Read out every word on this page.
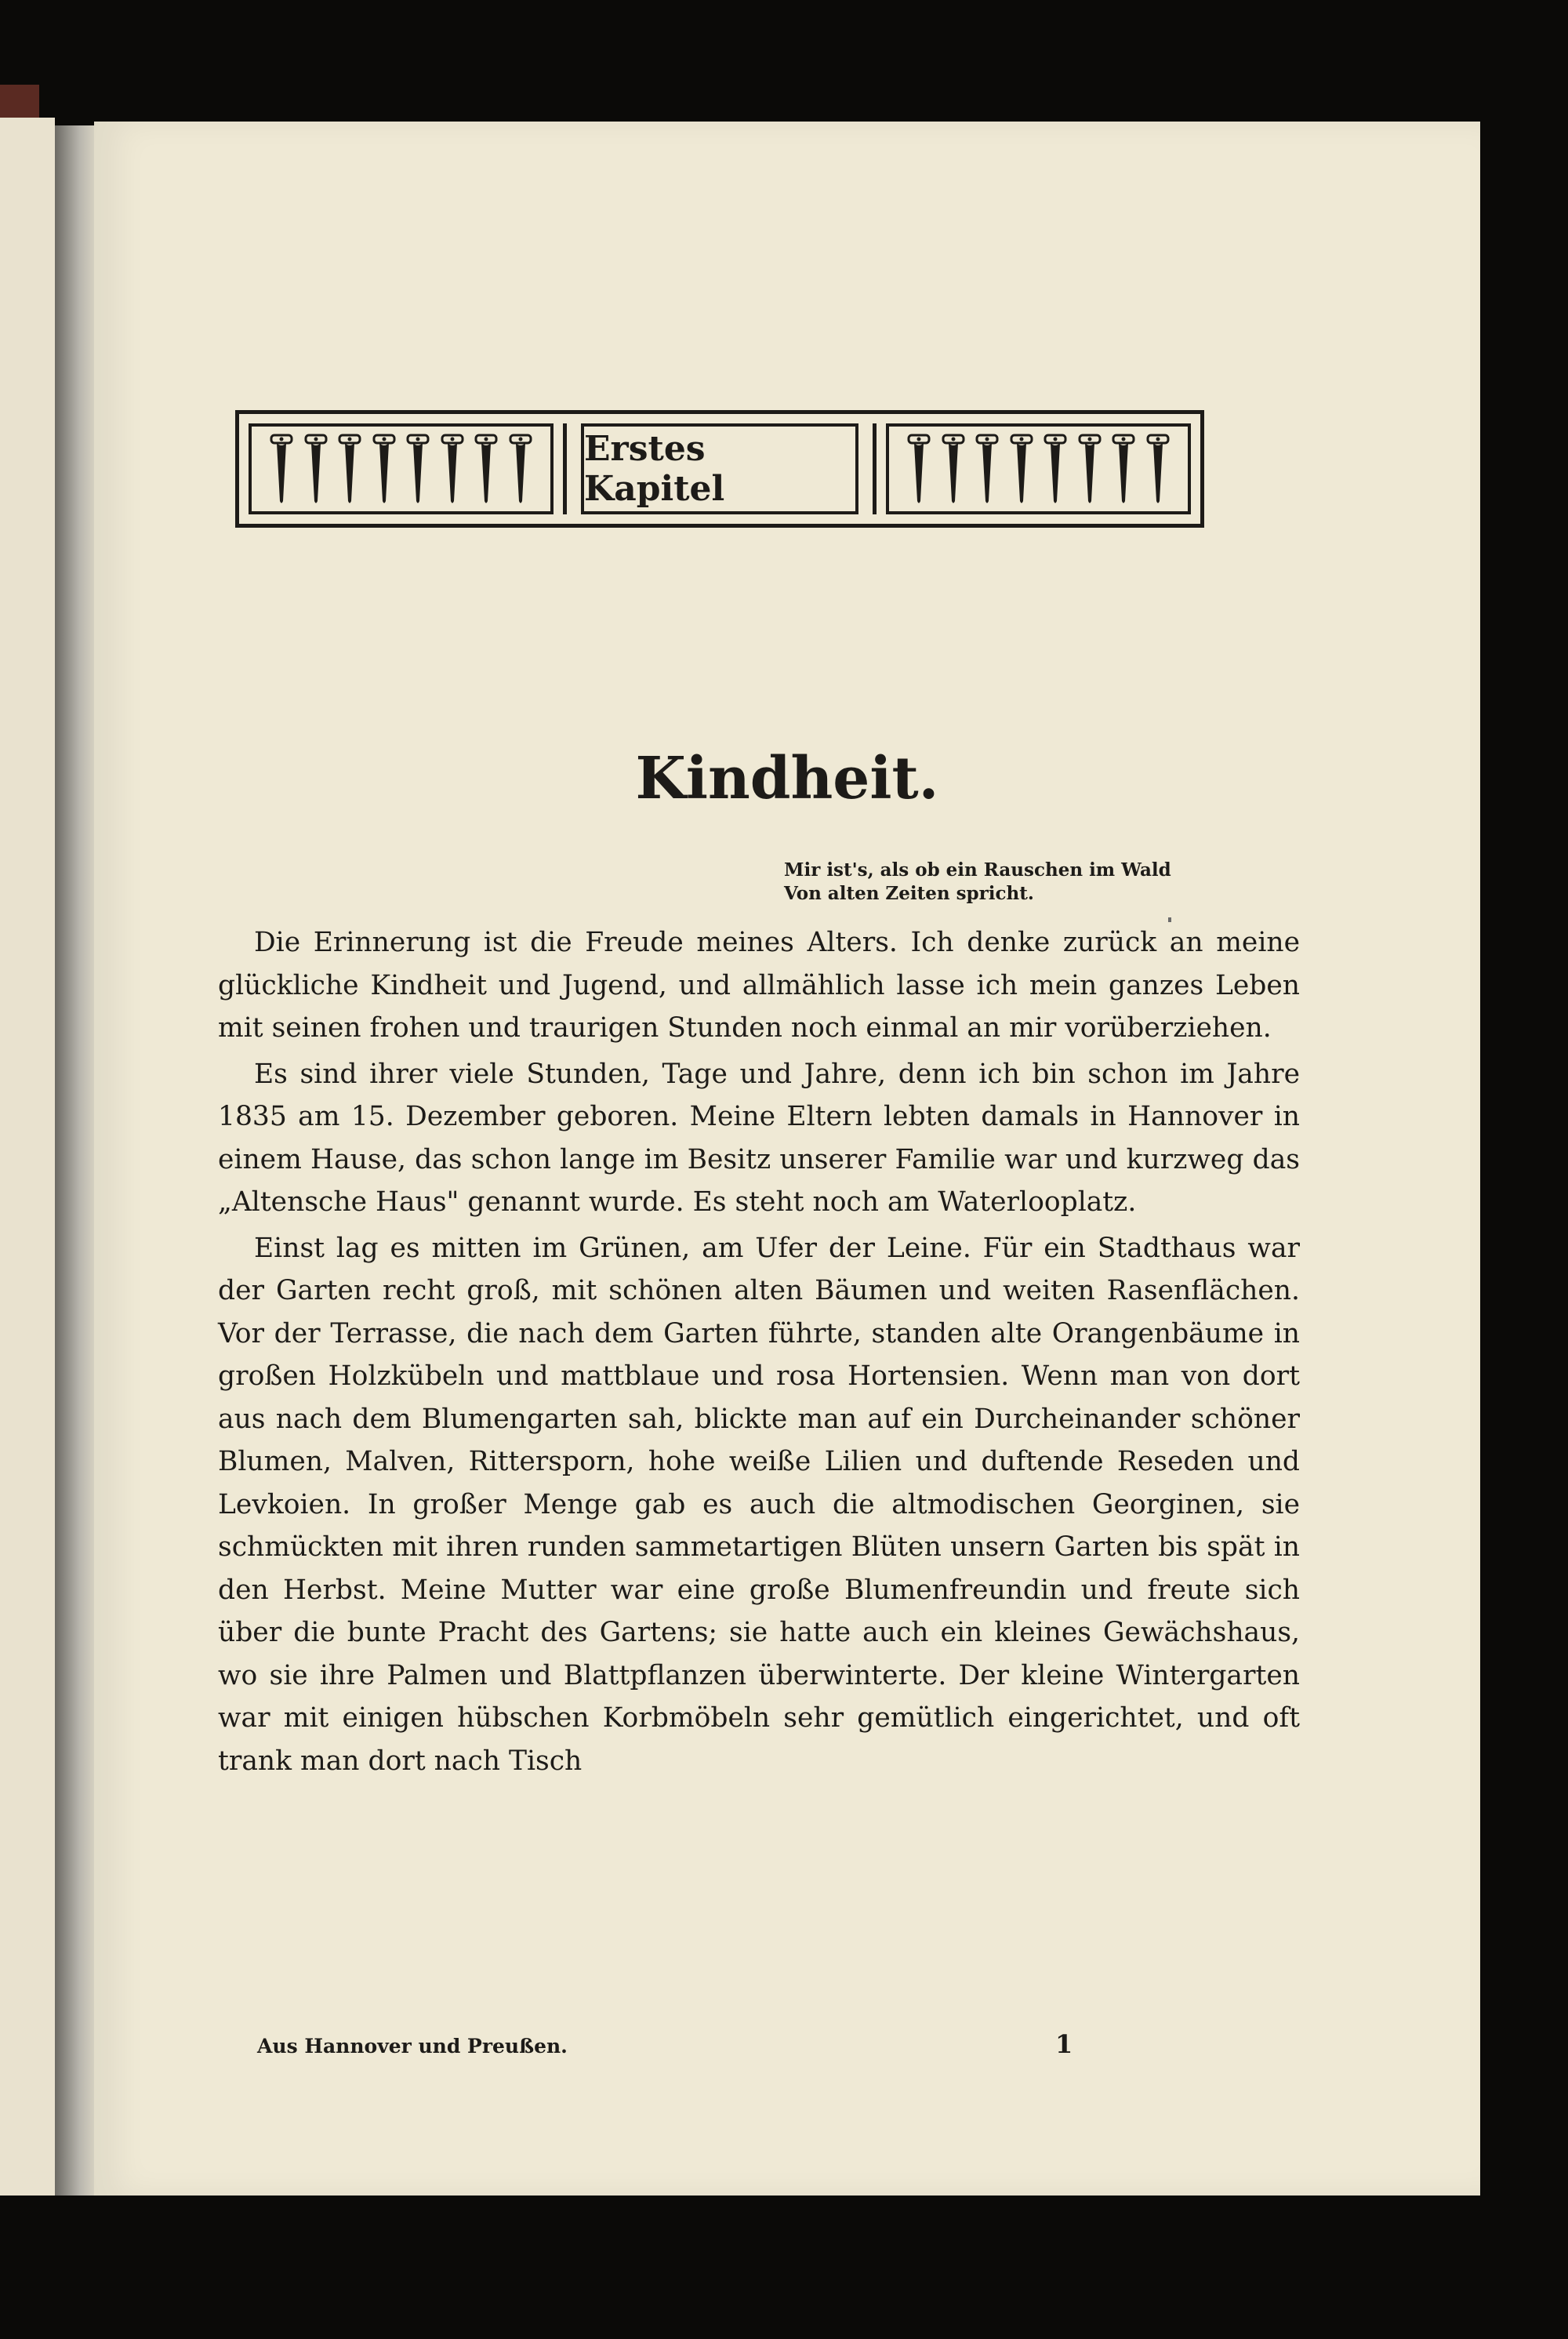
Erstes Kapitel
Kindheit.
Mir ist's, als ob ein Rauschen im Wald
Von alten Zeiten spricht.

Die Erinnerung ist die Freude meines Alters. Ich denke zurück an meine glückliche Kindheit und Jugend, und allmählich lasse ich mein ganzes Leben mit seinen frohen und traurigen Stunden noch einmal an mir vorüberziehen.

Es sind ihrer viele Stunden, Tage und Jahre, denn ich bin schon im Jahre 1835 am 15. Dezember geboren. Meine Eltern lebten damals in Hannover in einem Hause, das schon lange im Besitz unserer Familie war und kurzweg das „Altensche Haus" genannt wurde. Es steht noch am Waterlooplatz.

Einst lag es mitten im Grünen, am Ufer der Leine. Für ein Stadthaus war der Garten recht groß, mit schönen alten Bäumen und weiten Rasenflächen. Vor der Terrasse, die nach dem Garten führte, standen alte Orangenbäume in großen Holzkübeln und mattblaue und rosa Hortensien. Wenn man von dort aus nach dem Blumengarten sah, blickte man auf ein Durcheinander schöner Blumen, Malven, Rittersporn, hohe weiße Lilien und duftende Reseden und Levkoien. In großer Menge gab es auch die altmodischen Georginen, sie schmückten mit ihren runden sammetartigen Blüten unsern Garten bis spät in den Herbst. Meine Mutter war eine große Blumenfreundin und freute sich über die bunte Pracht des Gartens; sie hatte auch ein kleines Gewächshaus, wo sie ihre Palmen und Blattpflanzen überwinterte. Der kleine Wintergarten war mit einigen hübschen Korbmöbeln sehr gemütlich eingerichtet, und oft trank man dort nach Tisch

Aus Hannover und Preußen.	1
